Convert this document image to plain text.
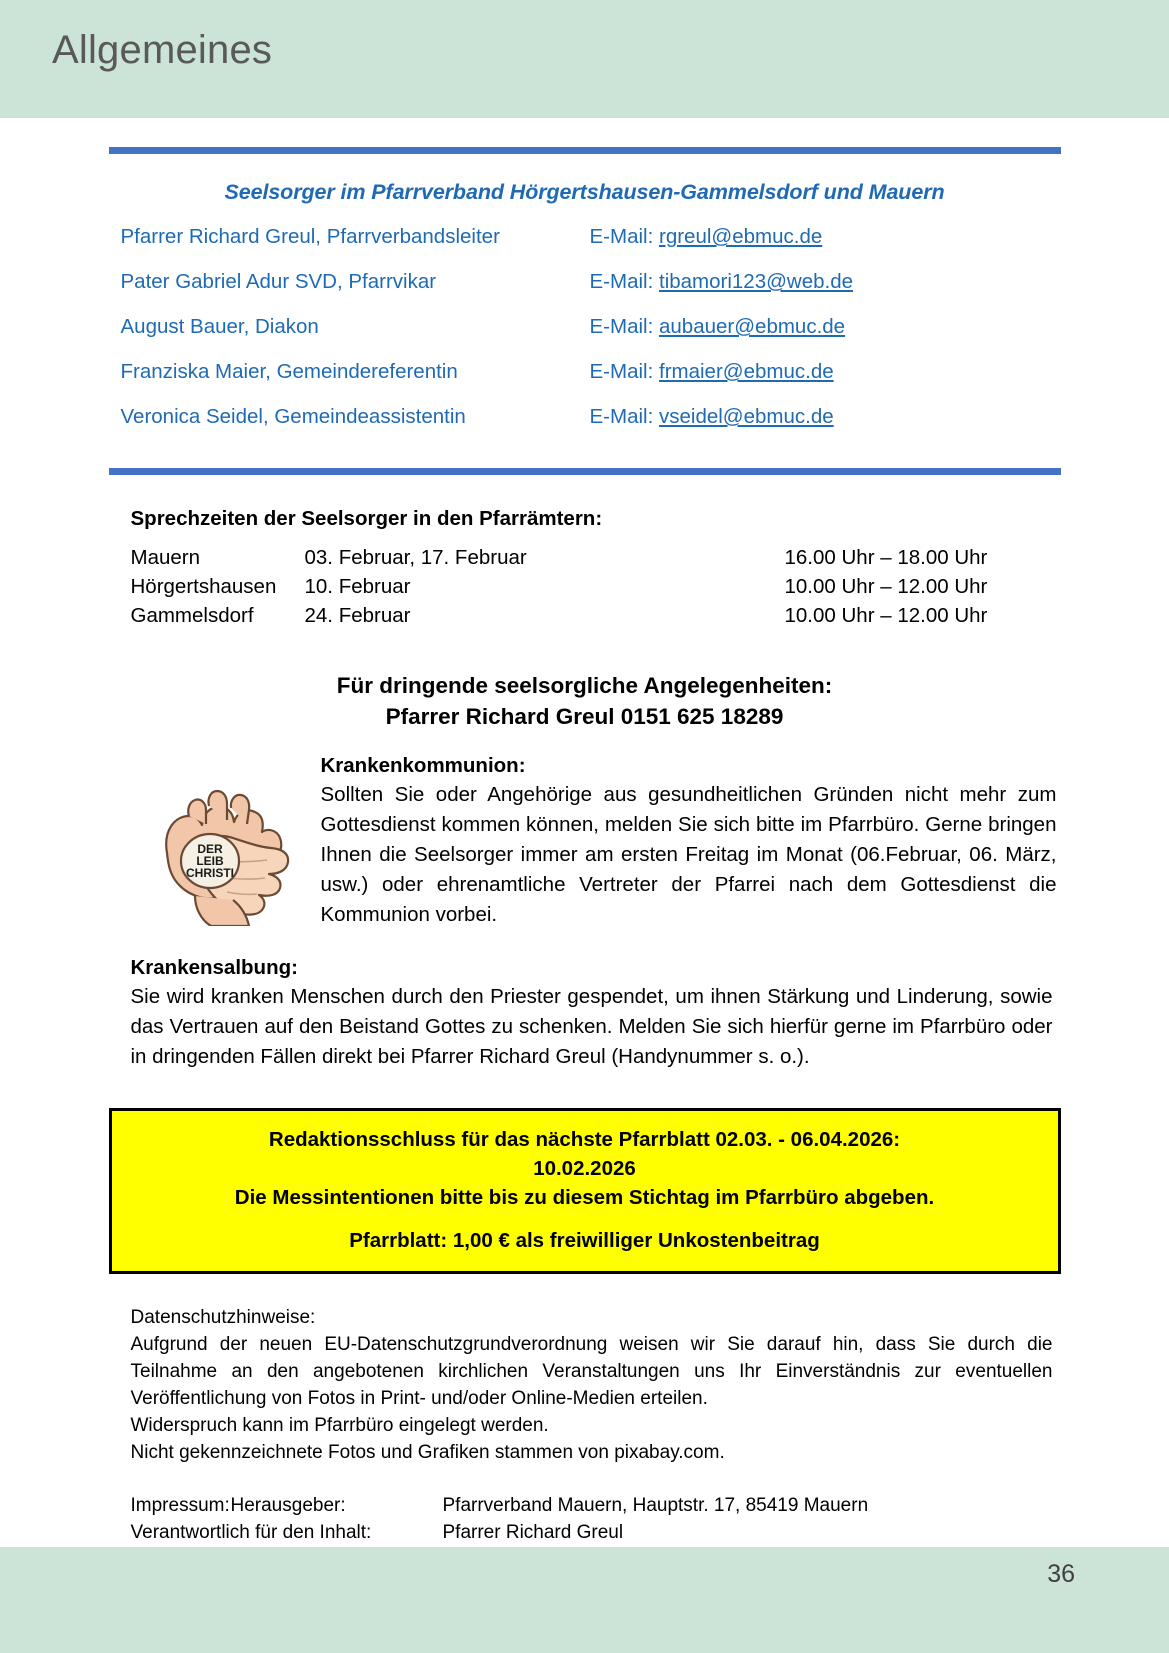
Allgemeines
Seelsorger im Pfarrverband Hörgertshausen-Gammelsdorf und Mauern
Pfarrer Richard Greul, Pfarrverbandsleiter	E-Mail: rgreul@ebmuc.de
Pater Gabriel Adur SVD, Pfarrvikar	E-Mail: tibamori123@web.de
August Bauer, Diakon	E-Mail: aubauer@ebmuc.de
Franziska Maier, Gemeindereferentin	E-Mail: frmaier@ebmuc.de
Veronica Seidel, Gemeindeassistentin	E-Mail: vseidel@ebmuc.de
Sprechzeiten der Seelsorger in den Pfarrämtern:
Mauern	03. Februar, 17. Februar	16.00 Uhr – 18.00 Uhr
Hörgertshausen	10. Februar	10.00 Uhr – 12.00 Uhr
Gammelsdorf	24. Februar	10.00 Uhr – 12.00 Uhr
Für dringende seelsorgliche Angelegenheiten:
Pfarrer Richard Greul 0151 625 18289
DER
LEIB
CHRISTI
Krankenkommunion:
Sollten Sie oder Angehörige aus gesundheitlichen Gründen nicht mehr zum Gottesdienst kommen können, melden Sie sich bitte im Pfarrbüro. Gerne bringen Ihnen die Seelsorger immer am ersten Freitag im Monat (06.Februar, 06. März, usw.) oder ehrenamtliche Vertreter der Pfarrei nach dem Gottesdienst die Kommunion vorbei.
Krankensalbung:
Sie wird kranken Menschen durch den Priester gespendet, um ihnen Stärkung und Linderung, sowie das Vertrauen auf den Beistand Gottes zu schenken. Melden Sie sich hierfür gerne im Pfarrbüro oder in dringenden Fällen direkt bei Pfarrer Richard Greul (Handynummer s. o.).
Redaktionsschluss für das nächste Pfarrblatt 02.03. - 06.04.2026:
10.02.2026
Die Messintentionen bitte bis zu diesem Stichtag im Pfarrbüro abgeben.
Pfarrblatt: 1,00 € als freiwilliger Unkostenbeitrag
Datenschutzhinweise:
Aufgrund der neuen EU-Datenschutzgrundverordnung weisen wir Sie darauf hin, dass Sie durch die Teilnahme an den angebotenen kirchlichen Veranstaltungen uns Ihr Einverständnis zur eventuellen Veröffentlichung von Fotos in Print- und/oder Online-Medien erteilen.
Widerspruch kann im Pfarrbüro eingelegt werden.
Nicht gekennzeichnete Fotos und Grafiken stammen von pixabay.com.
Impressum:	Herausgeber:	Pfarrverband Mauern, Hauptstr. 17, 85419 Mauern
Verantwortlich für den Inhalt:		Pfarrer Richard Greul
36
